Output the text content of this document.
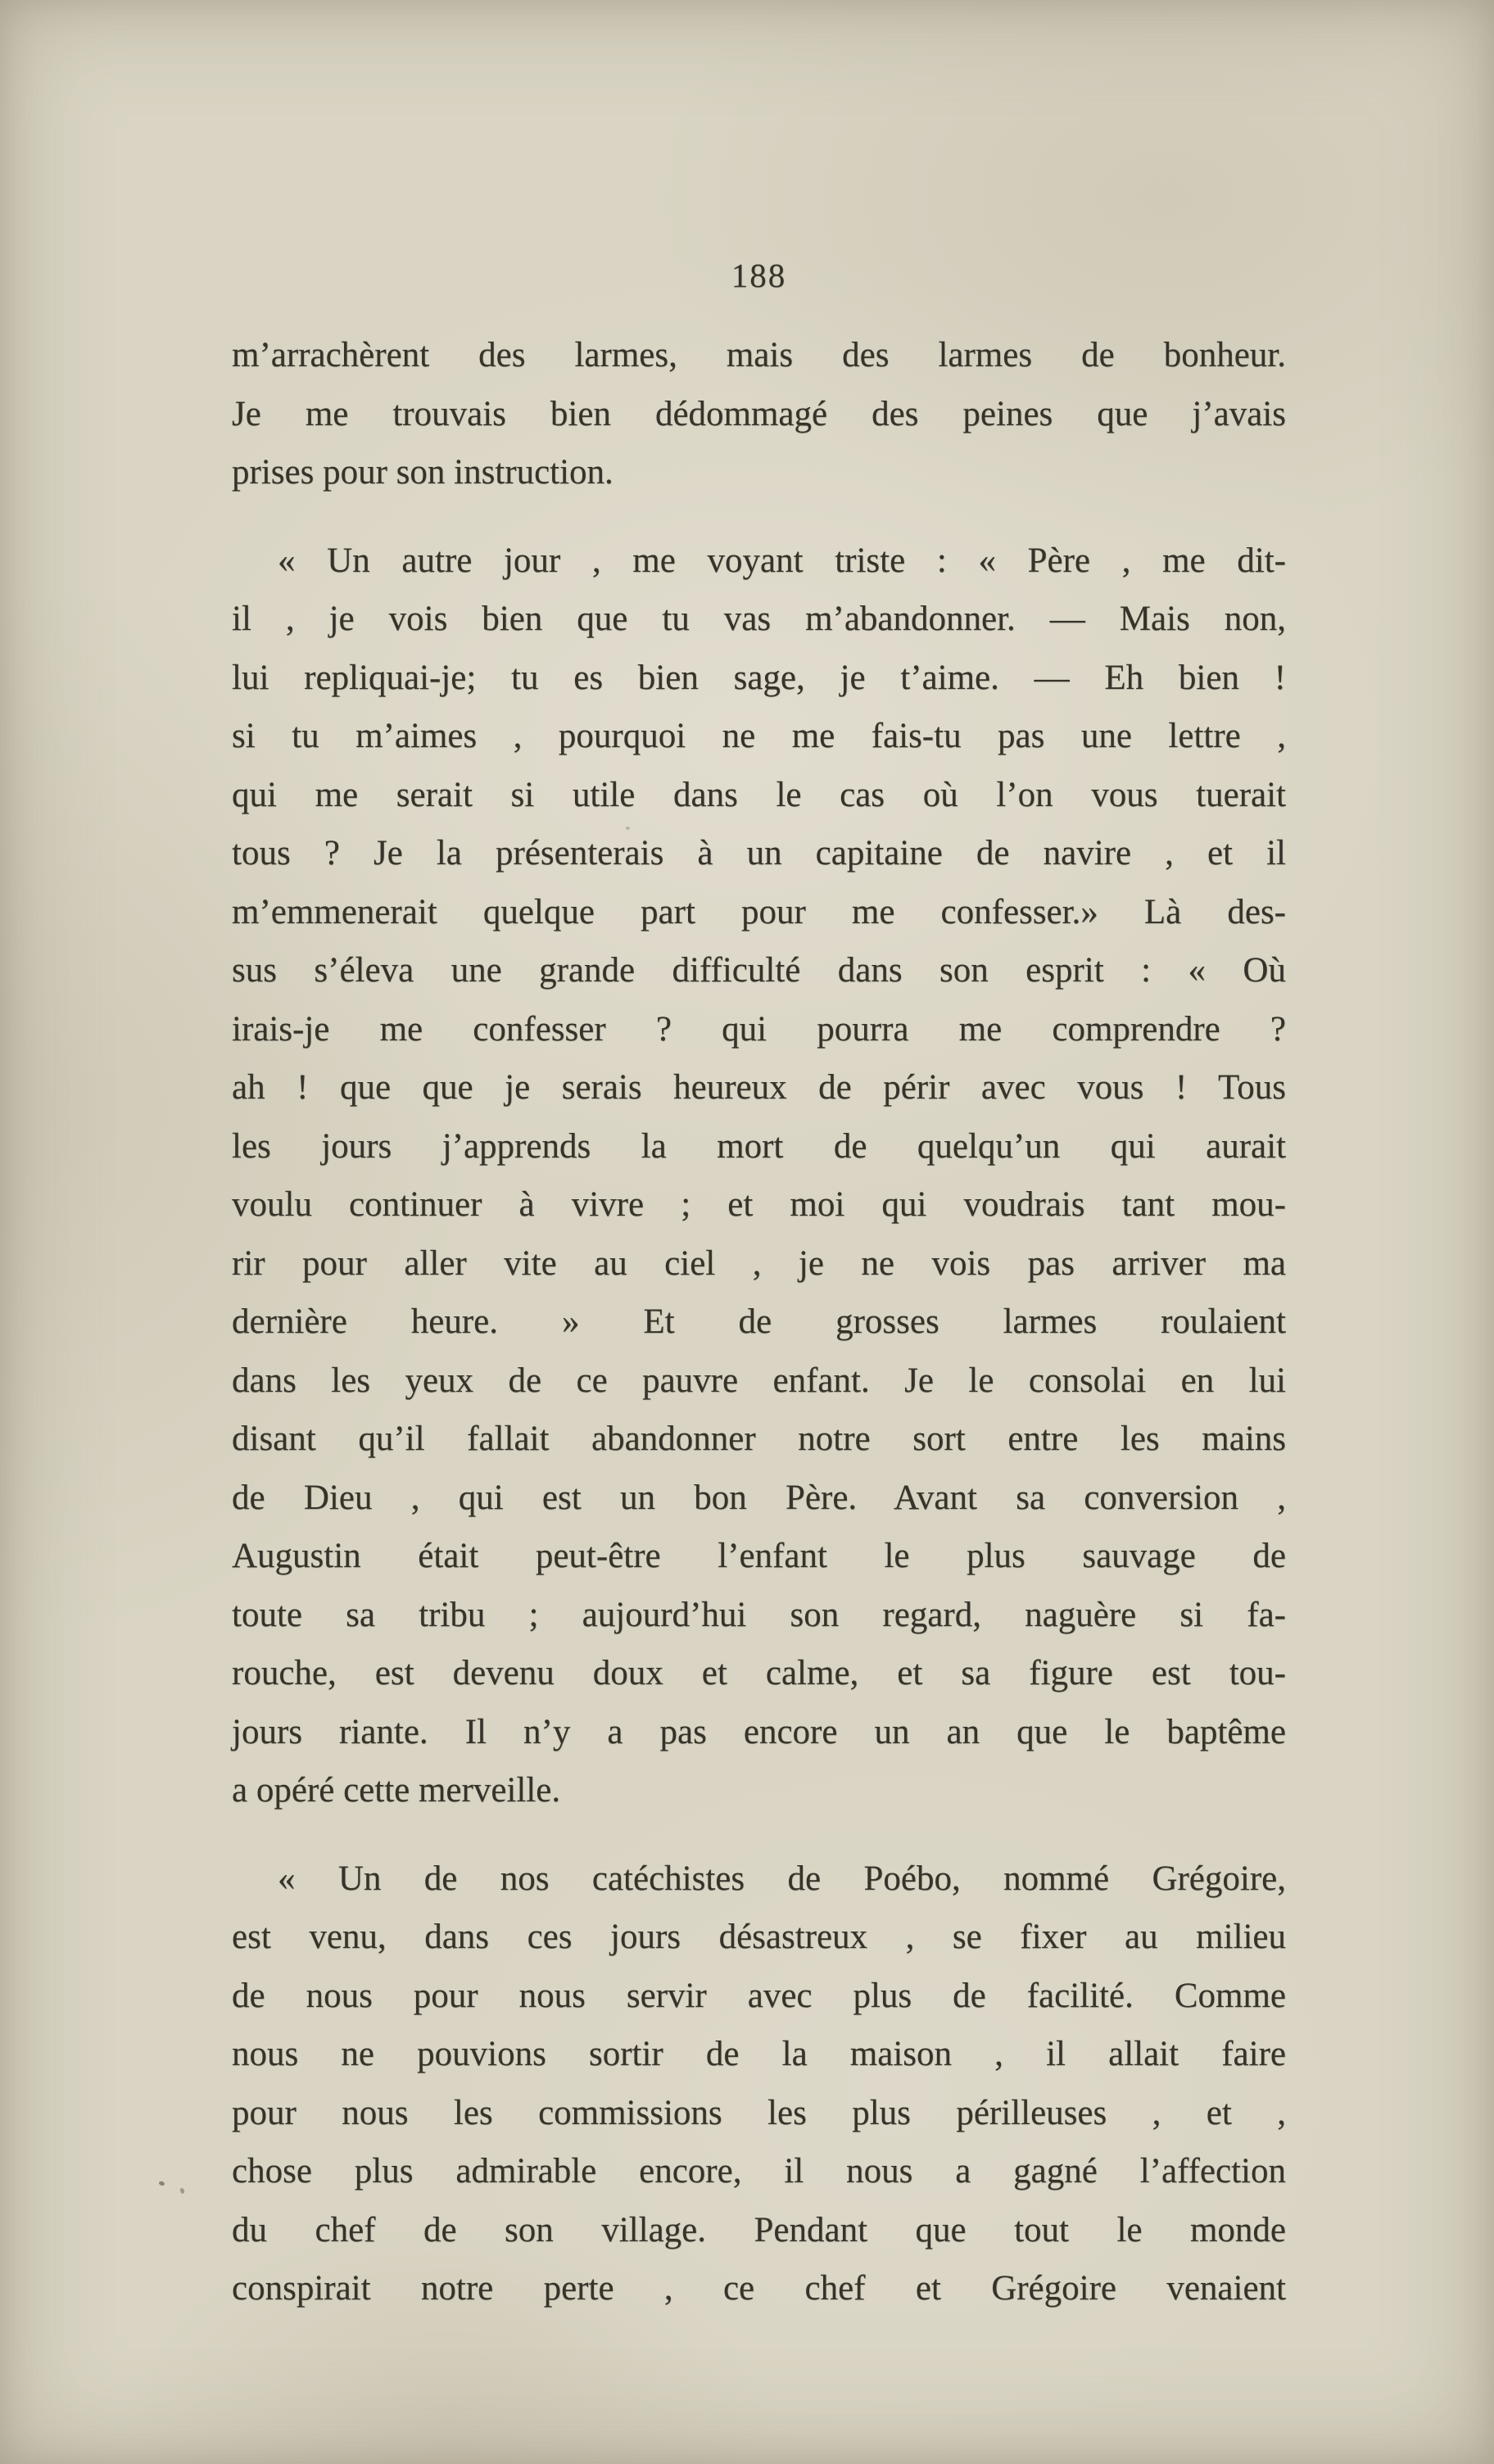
188

m’arrachèrent des larmes, mais des larmes de bonheur.
Je me trouvais bien dédommagé des peines que j’avais
prises pour son instruction.

« Un autre jour , me voyant triste : « Père , me dit-
il , je vois bien que tu vas m’abandonner. — Mais non,
lui repliquai-je; tu es bien sage, je t’aime. — Eh bien !
si tu m’aimes , pourquoi ne me fais-tu pas une lettre ,
qui me serait si utile dans le cas où l’on vous tuerait
tous ? Je la présenterais à un capitaine de navire , et il
m’emmenerait quelque part pour me confesser.» Là des-
sus s’éleva une grande difficulté dans son esprit : « Où
irais-je me confesser ? qui pourra me comprendre ?
ah ! que que je serais heureux de périr avec vous ! Tous
les jours j’apprends la mort de quelqu’un qui aurait
voulu continuer à vivre ; et moi qui voudrais tant mou-
rir pour aller vite au ciel , je ne vois pas arriver ma
dernière heure. » Et de grosses larmes roulaient
dans les yeux de ce pauvre enfant. Je le consolai en lui
disant qu’il fallait abandonner notre sort entre les mains
de Dieu , qui est un bon Père. Avant sa conversion ,
Augustin était peut-être l’enfant le plus sauvage de
toute sa tribu ; aujourd’hui son regard, naguère si fa-
rouche, est devenu doux et calme, et sa figure est tou-
jours riante. Il n’y a pas encore un an que le baptême
a opéré cette merveille.

« Un de nos catéchistes de Poébo, nommé Grégoire,
est venu, dans ces jours désastreux , se fixer au milieu
de nous pour nous servir avec plus de facilité. Comme
nous ne pouvions sortir de la maison , il allait faire
pour nous les commissions les plus périlleuses , et ,
chose plus admirable encore, il nous a gagné l’affection
du chef de son village. Pendant que tout le monde
conspirait notre perte , ce chef et Grégoire venaient
